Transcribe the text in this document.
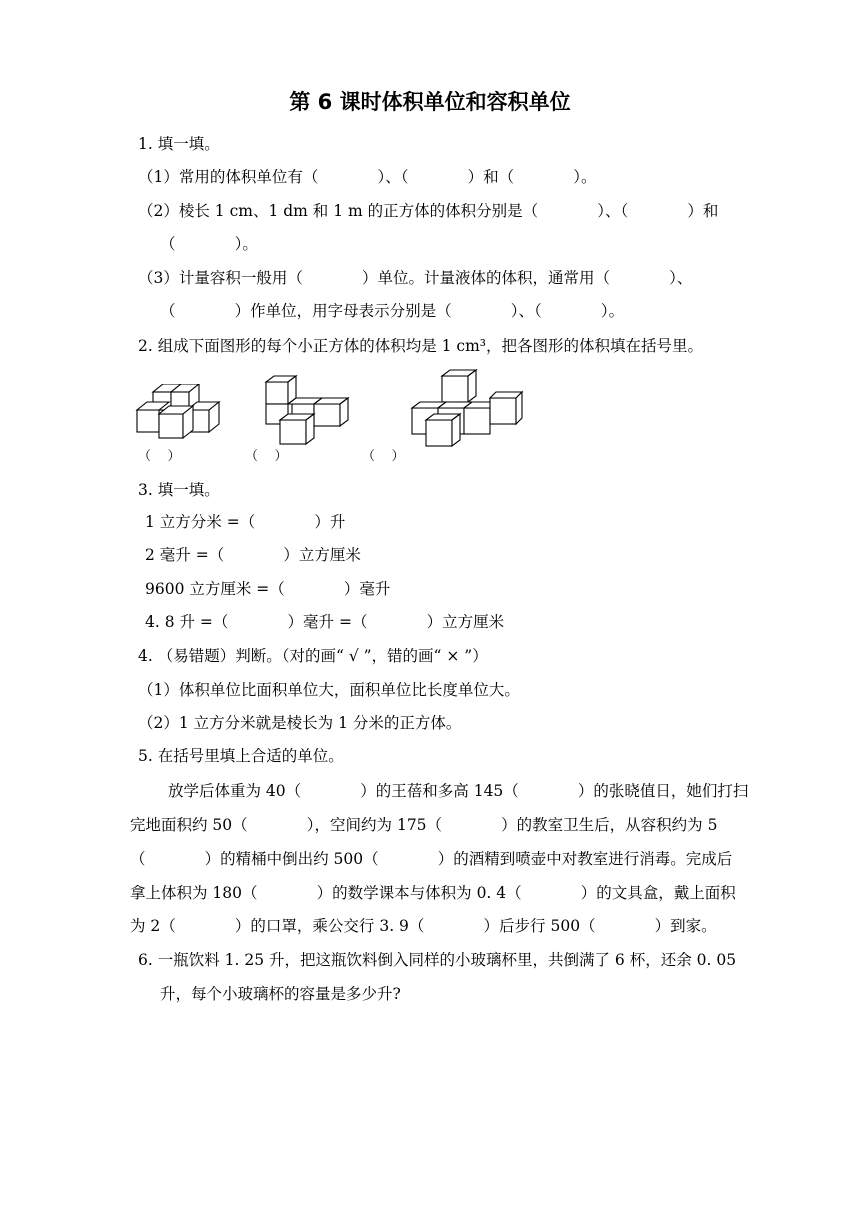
第 6 课时体积单位和容积单位
1. 填一填。
（1）常用的体积单位有（            ）、（            ）和（            ）。
（2）棱长 1 cm、1 dm 和 1 m 的正方体的体积分别是（            ）、（            ）和
（            ）。
（3）计量容积一般用（            ）单位。计量液体的体积，通常用（            ）、
（            ）作单位，用字母表示分别是（            ）、（            ）。
2. 组成下面图形的每个小正方体的体积均是 1 cm³，把各图形的体积填在括号里。
（    ）	（    ）	（    ）
3. 填一填。
1 立方分米 =（            ）升
2 毫升 =（            ）立方厘米
9600 立方厘米 =（            ）毫升
4. 8 升 =（            ）毫升 =（            ）立方厘米
4. （易错题）判断。（对的画“ √ ”，错的画“ × ”）
（1）体积单位比面积单位大，面积单位比长度单位大。
（2）1 立方分米就是棱长为 1 分米的正方体。
5. 在括号里填上合适的单位。
放学后体重为 40（            ）的王蓓和多高 145（            ）的张晓值日，她们打扫
完地面积约 50（            ），空间约为 175（            ）的教室卫生后，从容积约为 5
（            ）的精桶中倒出约 500（            ）的酒精到喷壶中对教室进行消毒。完成后
拿上体积为 180（            ）的数学课本与体积为 0. 4（            ）的文具盒，戴上面积
为 2（            ）的口罩，乘公交行 3. 9（            ）后步行 500（            ）到家。
6. 一瓶饮料 1. 25 升，把这瓶饮料倒入同样的小玻璃杯里，共倒满了 6 杯，还余 0. 05
升，每个小玻璃杯的容量是多少升?
